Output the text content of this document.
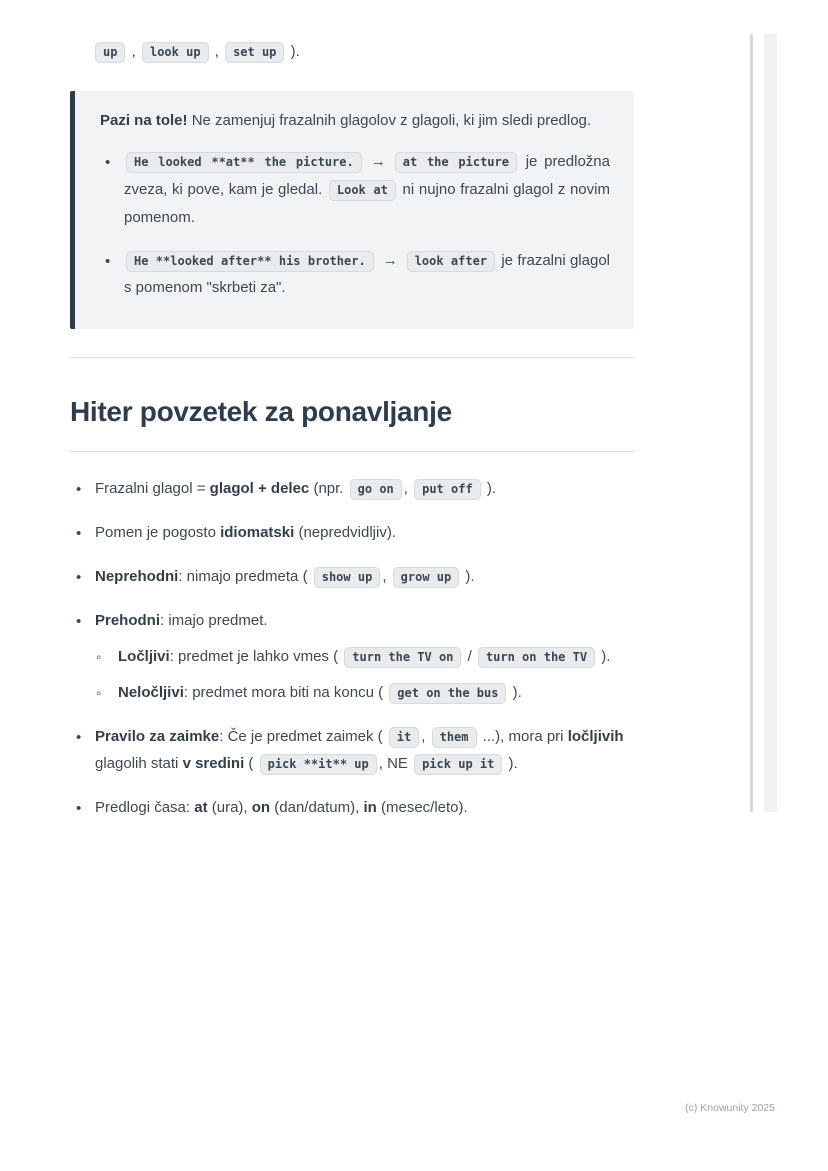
up , look up , set up ).

Pazi na tole! Ne zamenjuj frazalnih glagolov z glagoli, ki jim sledi predlog.

• He looked **at** the picture. → at the picture je predložna zveza, ki pove, kam je gledal. Look at ni nujno frazalni glagol z novim pomenom.
• He **looked after** his brother. → look after je frazalni glagol s pomenom "skrbeti za".
Hiter povzetek za ponavljanje
• Frazalni glagol = glagol + delec (npr. go on , put off ).
• Pomen je pogosto idiomatski (nepredvidljiv).
• Neprehodni: nimajo predmeta ( show up , grow up ).
• Prehodni: imajo predmet.
◦ Ločljivi: predmet je lahko vmes ( turn the TV on / turn on the TV ).
◦ Neločljivi: predmet mora biti na koncu ( get on the bus ).
• Pravilo za zaimke: Če je predmet zaimek ( it , them ...), mora pri ločljivih glagolih stati v sredini ( pick **it** up , NE pick up it ).
• Predlogi časa: at (ura), on (dan/datum), in (mesec/leto).
(c) Knowunity 2025
